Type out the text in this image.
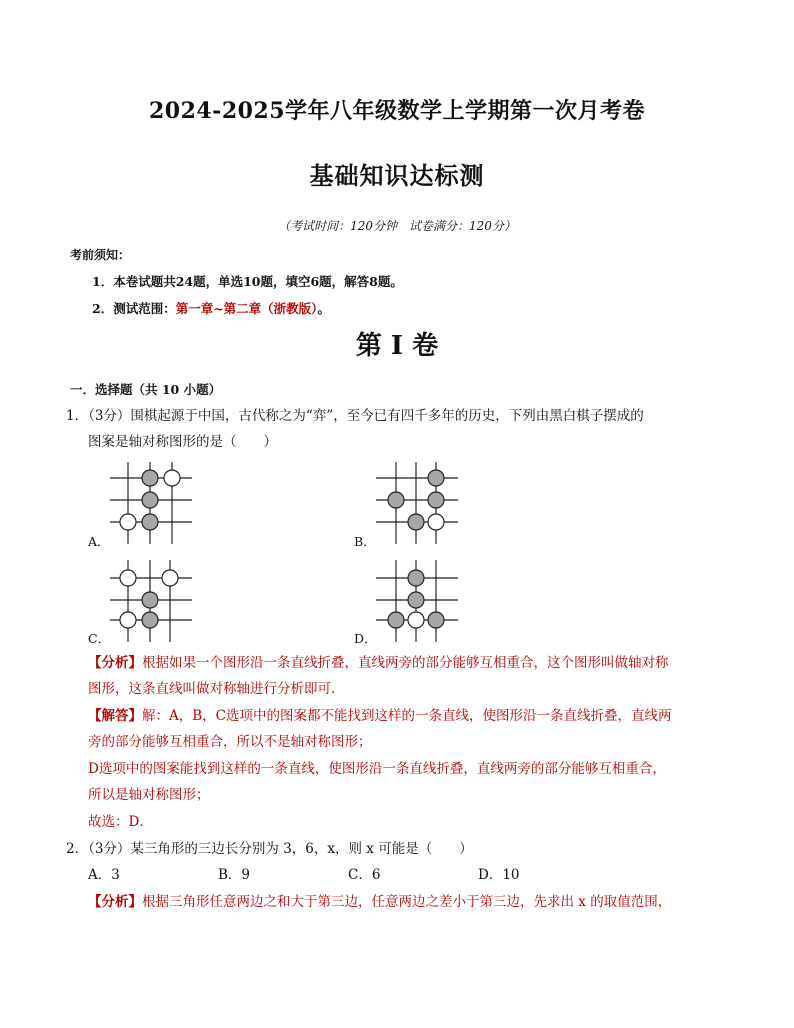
2024-2025学年八年级数学上学期第一次月考卷
基础知识达标测
（考试时间：120分钟　试卷满分：120分）
考前须知：
1．本卷试题共24题，单选10题，填空6题，解答8题。
2．测试范围：第一章~第二章（浙教版）。
第 I 卷
一．选择题（共 10 小题）
1．（3分）围棋起源于中国，古代称之为“弈”，至今已有四千多年的历史，下列由黑白棋子摆成的
图案是轴对称图形的是（　　）
A．	B．
C．	D．
【分析】根据如果一个图形沿一条直线折叠，直线两旁的部分能够互相重合，这个图形叫做轴对称
图形，这条直线叫做对称轴进行分析即可．
【解答】解：A，B，C选项中的图案都不能找到这样的一条直线，使图形沿一条直线折叠，直线两
旁的部分能够互相重合，所以不是轴对称图形；
D选项中的图案能找到这样的一条直线，使图形沿一条直线折叠，直线两旁的部分能够互相重合，
所以是轴对称图形；
故选：D．
2．（3分）某三角形的三边长分别为 3，6，x，则 x 可能是（　　）
A．3	B．9	C．6	D．10
【分析】根据三角形任意两边之和大于第三边，任意两边之差小于第三边，先求出 x 的取值范围，
